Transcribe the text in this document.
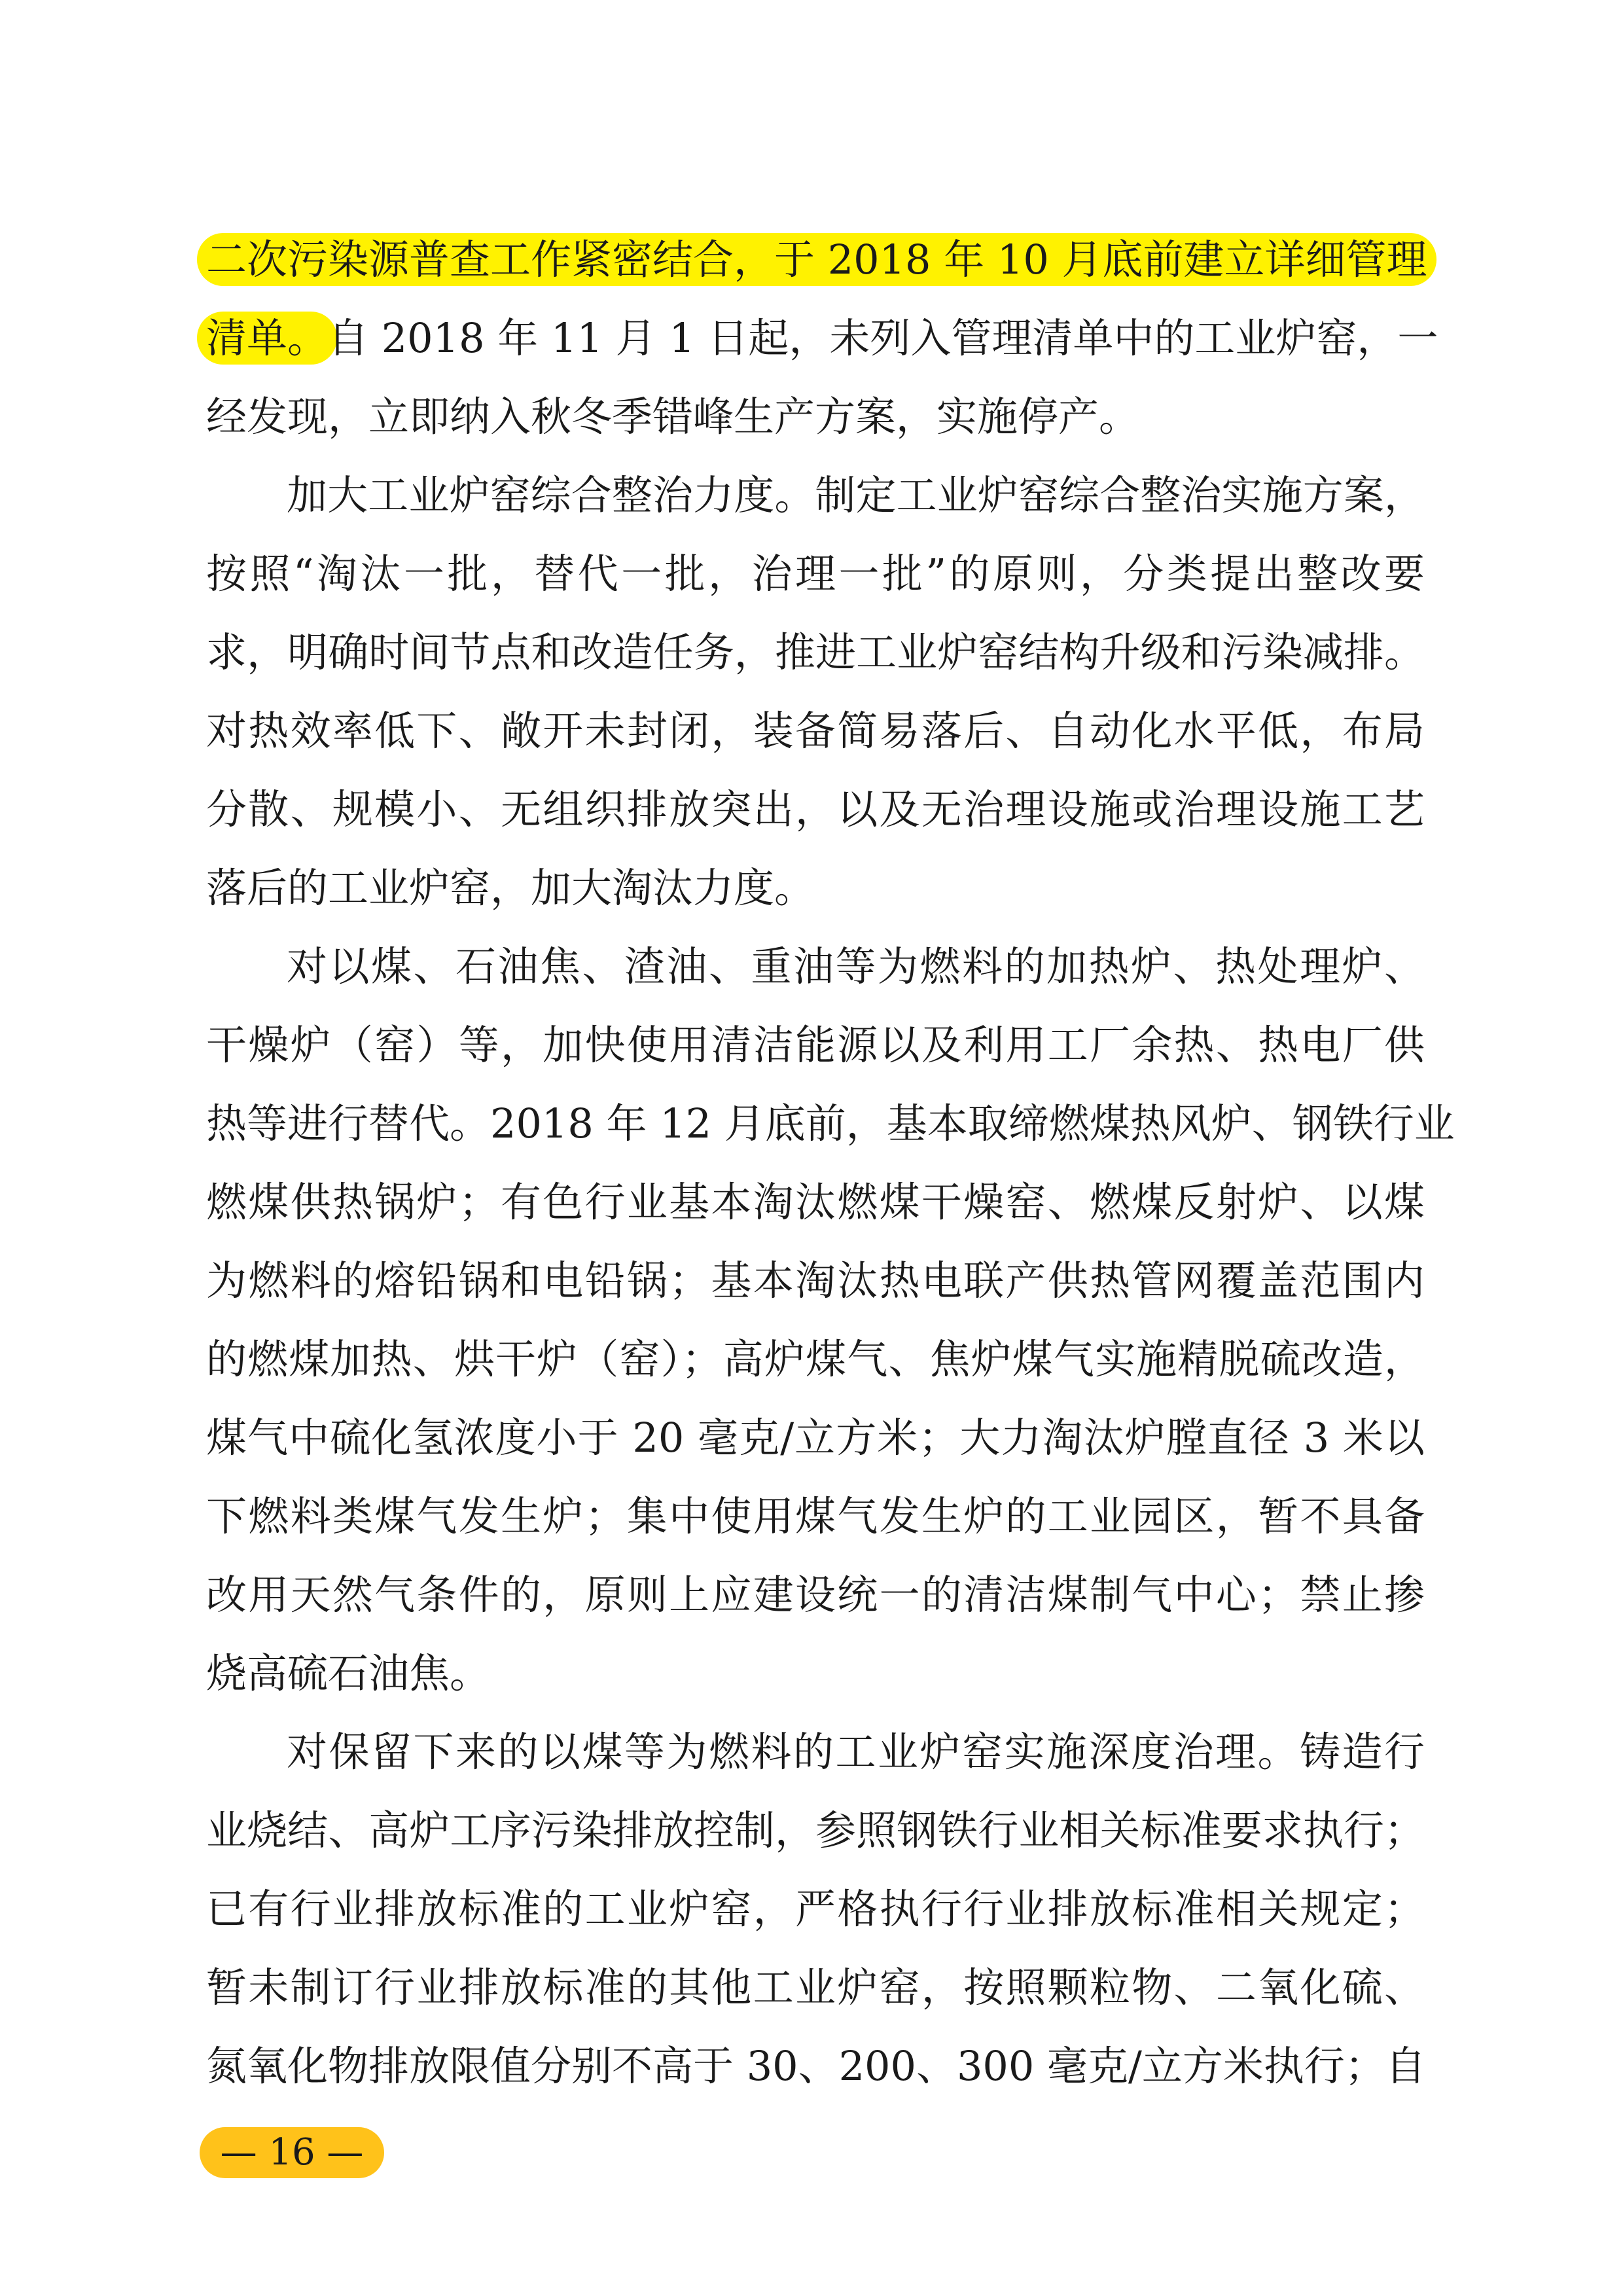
二次污染源普查工作紧密结合，于 2018 年 10 月底前建立详细管理
清单。自 2018 年 11 月 1 日起，未列入管理清单中的工业炉窑，一
经发现，立即纳入秋冬季错峰生产方案，实施停产。
加大工业炉窑综合整治力度。制定工业炉窑综合整治实施方案，
按照“淘汰一批，替代一批，治理一批”的原则，分类提出整改要
求，明确时间节点和改造任务，推进工业炉窑结构升级和污染减排。
对热效率低下、敞开未封闭，装备简易落后、自动化水平低，布局
分散、规模小、无组织排放突出，以及无治理设施或治理设施工艺
落后的工业炉窑，加大淘汰力度。
对以煤、石油焦、渣油、重油等为燃料的加热炉、热处理炉、
干燥炉（窑）等，加快使用清洁能源以及利用工厂余热、热电厂供
热等进行替代。2018 年 12 月底前，基本取缔燃煤热风炉、钢铁行业
燃煤供热锅炉；有色行业基本淘汰燃煤干燥窑、燃煤反射炉、以煤
为燃料的熔铅锅和电铅锅；基本淘汰热电联产供热管网覆盖范围内
的燃煤加热、烘干炉（窑）；高炉煤气、焦炉煤气实施精脱硫改造，
煤气中硫化氢浓度小于 20 毫克/立方米；大力淘汰炉膛直径 3 米以
下燃料类煤气发生炉；集中使用煤气发生炉的工业园区，暂不具备
改用天然气条件的，原则上应建设统一的清洁煤制气中心；禁止掺
烧高硫石油焦。
对保留下来的以煤等为燃料的工业炉窑实施深度治理。铸造行
业烧结、高炉工序污染排放控制，参照钢铁行业相关标准要求执行；
已有行业排放标准的工业炉窑，严格执行行业排放标准相关规定；
暂未制订行业排放标准的其他工业炉窑，按照颗粒物、二氧化硫、
氮氧化物排放限值分别不高于 30、200、300 毫克/立方米执行；自
— 16 —
